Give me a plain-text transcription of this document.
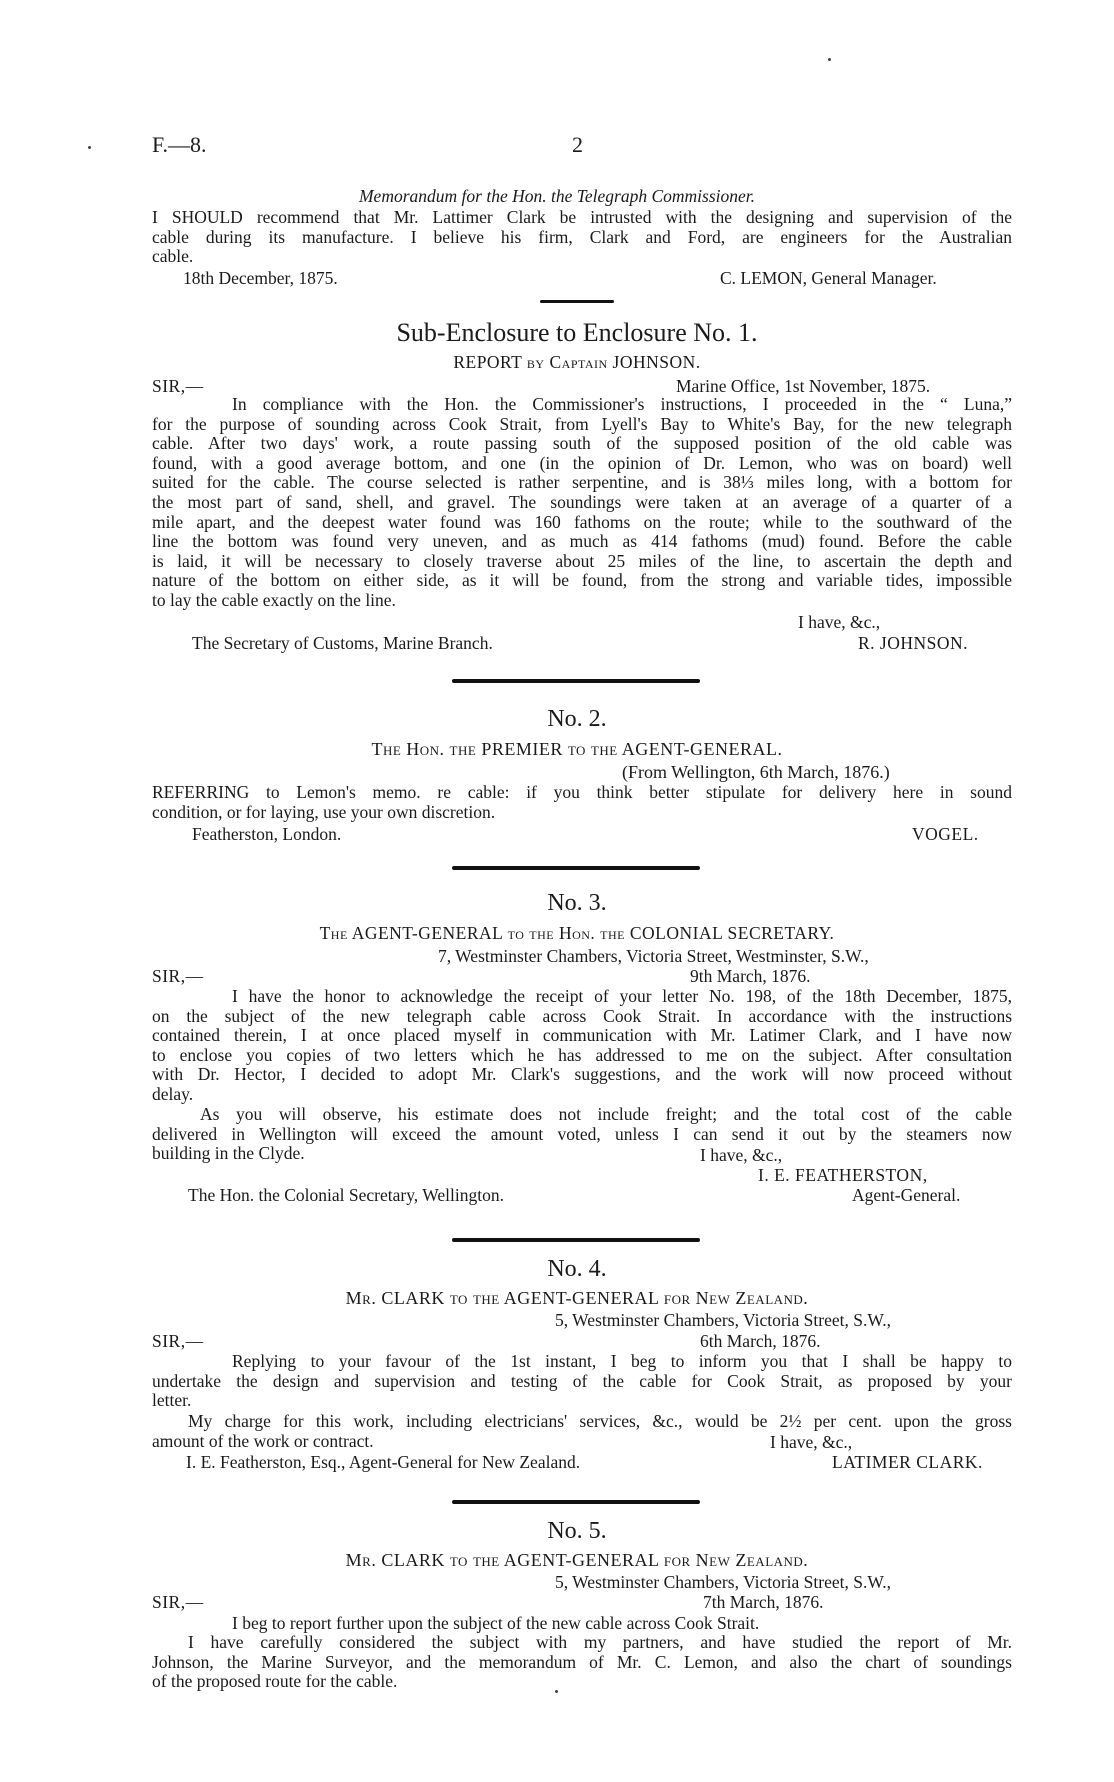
F.—8.	2
Memorandum for the Hon. the Telegraph Commissioner.
I SHOULD recommend that Mr. Lattimer Clark be intrusted with the designing and supervision of the
cable during its manufacture. I believe his firm, Clark and Ford, are engineers for the Australian
cable.
18th December, 1875.	C. LEMON, General Manager.
Sub-Enclosure to Enclosure No. 1.
REPORT by Captain JOHNSON.
SIR,—	Marine Office, 1st November, 1875.
In compliance with the Hon. the Commissioner's instructions, I proceeded in the “ Luna,”
for the purpose of sounding across Cook Strait, from Lyell's Bay to White's Bay, for the new telegraph
cable. After two days' work, a route passing south of the supposed position of the old cable was
found, with a good average bottom, and one (in the opinion of Dr. Lemon, who was on board) well
suited for the cable. The course selected is rather serpentine, and is 38⅓ miles long, with a bottom for
the most part of sand, shell, and gravel. The soundings were taken at an average of a quarter of a
mile apart, and the deepest water found was 160 fathoms on the route; while to the southward of the
line the bottom was found very uneven, and as much as 414 fathoms (mud) found. Before the cable
is laid, it will be necessary to closely traverse about 25 miles of the line, to ascertain the depth and
nature of the bottom on either side, as it will be found, from the strong and variable tides, impossible
to lay the cable exactly on the line.
I have, &c.,
The Secretary of Customs, Marine Branch.	R. JOHNSON.
No. 2.
The Hon. the PREMIER to the AGENT-GENERAL.
(From Wellington, 6th March, 1876.)
REFERRING to Lemon's memo. re cable: if you think better stipulate for delivery here in sound
condition, or for laying, use your own discretion.
Featherston, London.	VOGEL.
No. 3.
The AGENT-GENERAL to the Hon. the COLONIAL SECRETARY.
7, Westminster Chambers, Victoria Street, Westminster, S.W.,
SIR,—	9th March, 1876.
I have the honor to acknowledge the receipt of your letter No. 198, of the 18th December, 1875,
on the subject of the new telegraph cable across Cook Strait. In accordance with the instructions
contained therein, I at once placed myself in communication with Mr. Latimer Clark, and I have now
to enclose you copies of two letters which he has addressed to me on the subject. After consultation
with Dr. Hector, I decided to adopt Mr. Clark's suggestions, and the work will now proceed without
delay.
As you will observe, his estimate does not include freight; and the total cost of the cable
delivered in Wellington will exceed the amount voted, unless I can send it out by the steamers now
building in the Clyde.	I have, &c.,
I. E. FEATHERSTON,
The Hon. the Colonial Secretary, Wellington.	Agent-General.
No. 4.
Mr. CLARK to the AGENT-GENERAL for New Zealand.
5, Westminster Chambers, Victoria Street, S.W.,
SIR,—	6th March, 1876.
Replying to your favour of the 1st instant, I beg to inform you that I shall be happy to
undertake the design and supervision and testing of the cable for Cook Strait, as proposed by your
letter.
My charge for this work, including electricians' services, &c., would be 2½ per cent. upon the gross
amount of the work or contract.	I have, &c.,
I. E. Featherston, Esq., Agent-General for New Zealand.	LATIMER CLARK.
No. 5.
Mr. CLARK to the AGENT-GENERAL for New Zealand.
5, Westminster Chambers, Victoria Street, S.W.,
SIR,—	7th March, 1876.
I beg to report further upon the subject of the new cable across Cook Strait.
I have carefully considered the subject with my partners, and have studied the report of Mr.
Johnson, the Marine Surveyor, and the memorandum of Mr. C. Lemon, and also the chart of soundings
of the proposed route for the cable.
